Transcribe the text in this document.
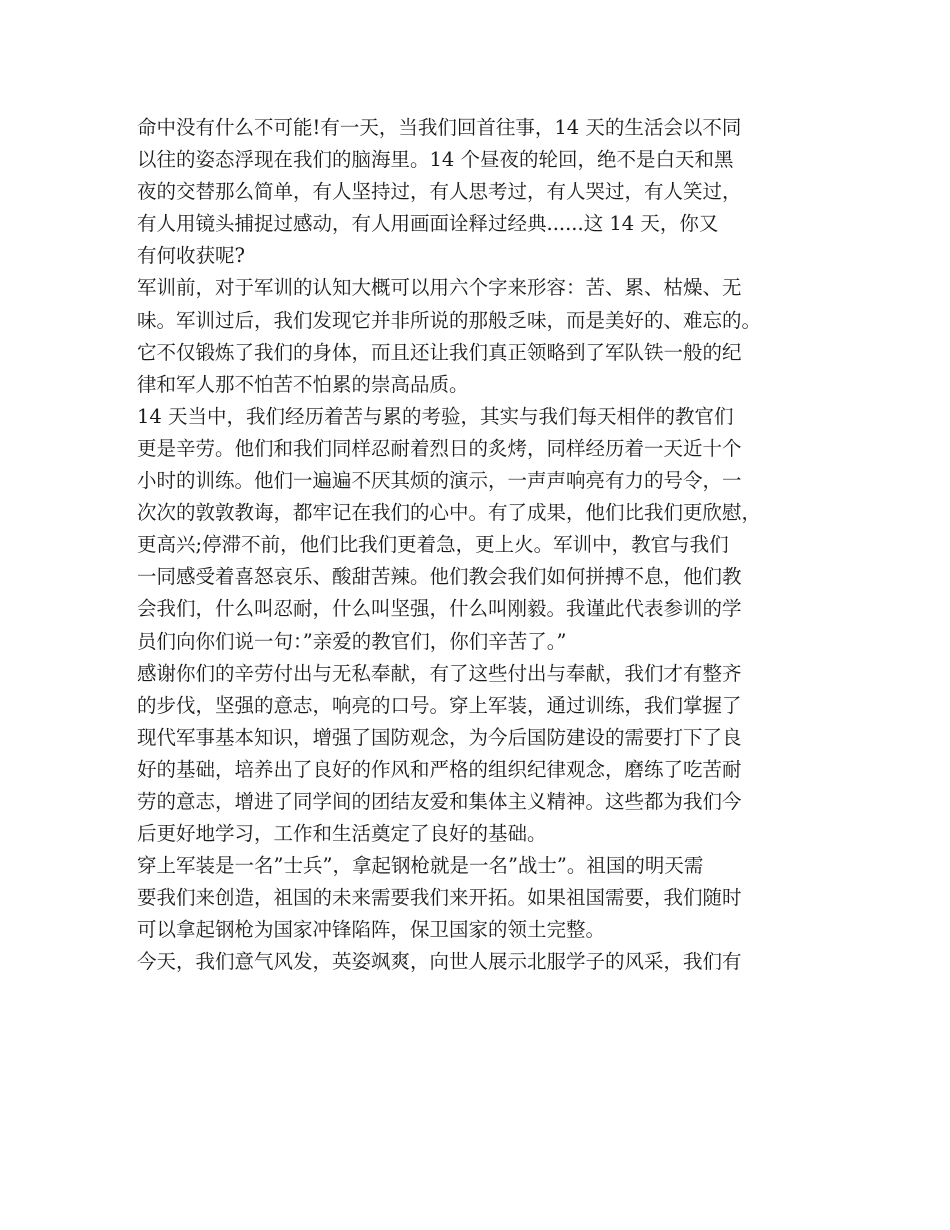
命中没有什么不可能!有一天，当我们回首往事，14 天的生活会以不同
以往的姿态浮现在我们的脑海里。14 个昼夜的轮回，绝不是白天和黑
夜的交替那么简单，有人坚持过，有人思考过，有人哭过，有人笑过，
有人用镜头捕捉过感动，有人用画面诠释过经典......这 14 天，你又
有何收获呢?
军训前，对于军训的认知大概可以用六个字来形容：苦、累、枯燥、无
味。军训过后，我们发现它并非所说的那般乏味，而是美好的、难忘的。
它不仅锻炼了我们的身体，而且还让我们真正领略到了军队铁一般的纪
律和军人那不怕苦不怕累的崇高品质。
14 天当中，我们经历着苦与累的考验，其实与我们每天相伴的教官们
更是辛劳。他们和我们同样忍耐着烈日的炙烤，同样经历着一天近十个
小时的训练。他们一遍遍不厌其烦的演示，一声声响亮有力的号令，一
次次的敦敦教诲，都牢记在我们的心中。有了成果，他们比我们更欣慰，
更高兴;停滞不前，他们比我们更着急，更上火。军训中，教官与我们
一同感受着喜怒哀乐、酸甜苦辣。他们教会我们如何拼搏不息，他们教
会我们，什么叫忍耐，什么叫坚强，什么叫刚毅。我谨此代表参训的学
员们向你们说一句：”亲爱的教官们，你们辛苦了。”
感谢你们的辛劳付出与无私奉献，有了这些付出与奉献，我们才有整齐
的步伐，坚强的意志，响亮的口号。穿上军装，通过训练，我们掌握了
现代军事基本知识，增强了国防观念，为今后国防建设的需要打下了良
好的基础，培养出了良好的作风和严格的组织纪律观念，磨练了吃苦耐
劳的意志，增进了同学间的团结友爱和集体主义精神。这些都为我们今
后更好地学习，工作和生活奠定了良好的基础。
穿上军装是一名”士兵”，拿起钢枪就是一名”战士”。祖国的明天需
要我们来创造，祖国的未来需要我们来开拓。如果祖国需要，我们随时
可以拿起钢枪为国家冲锋陷阵，保卫国家的领土完整。
今天，我们意气风发，英姿飒爽，向世人展示北服学子的风采，我们有
